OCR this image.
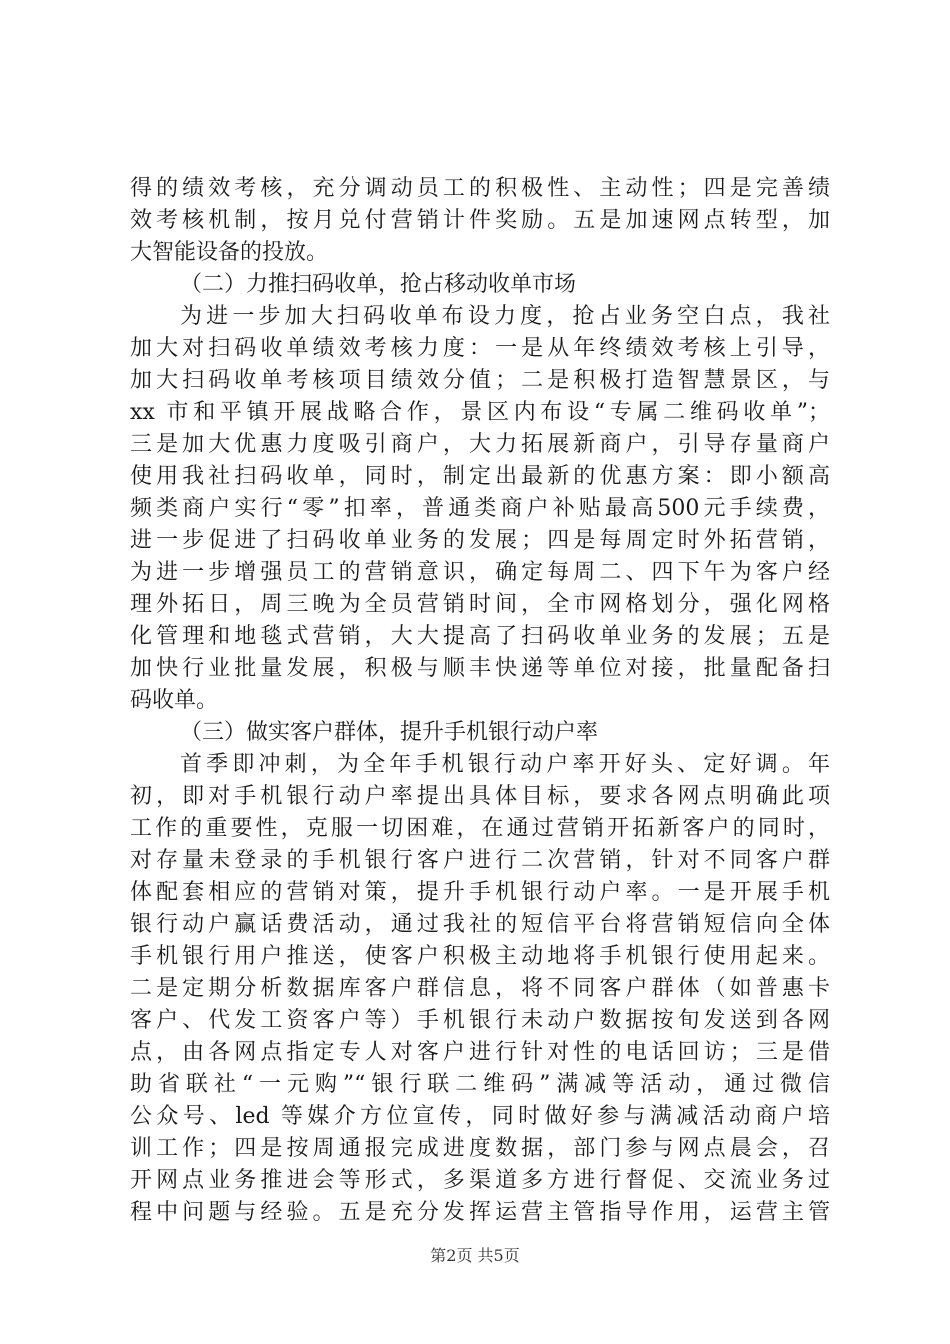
得的绩效考核，充分调动员工的积极性、主动性；四是完善绩
效考核机制，按月兑付营销计件奖励。五是加速网点转型，加
大智能设备的投放。
（二）力推扫码收单，抢占移动收单市场
为进一步加大扫码收单布设力度，抢占业务空白点，我社
加大对扫码收单绩效考核力度：一是从年终绩效考核上引导，
加大扫码收单考核项目绩效分值；二是积极打造智慧景区，与
xx 市和平镇开展战略合作，景区内布设“专属二维码收单”；
三是加大优惠力度吸引商户，大力拓展新商户，引导存量商户
使用我社扫码收单，同时，制定出最新的优惠方案：即小额高
频类商户实行“零”扣率，普通类商户补贴最高500元手续费，
进一步促进了扫码收单业务的发展；四是每周定时外拓营销，
为进一步增强员工的营销意识，确定每周二、四下午为客户经
理外拓日，周三晚为全员营销时间，全市网格划分，强化网格
化管理和地毯式营销，大大提高了扫码收单业务的发展；五是
加快行业批量发展，积极与顺丰快递等单位对接，批量配备扫
码收单。
（三）做实客户群体，提升手机银行动户率
首季即冲刺，为全年手机银行动户率开好头、定好调。年
初，即对手机银行动户率提出具体目标，要求各网点明确此项
工作的重要性，克服一切困难，在通过营销开拓新客户的同时，
对存量未登录的手机银行客户进行二次营销，针对不同客户群
体配套相应的营销对策，提升手机银行动户率。一是开展手机
银行动户赢话费活动，通过我社的短信平台将营销短信向全体
手机银行用户推送，使客户积极主动地将手机银行使用起来。
二是定期分析数据库客户群信息，将不同客户群体（如普惠卡
客户、代发工资客户等）手机银行未动户数据按旬发送到各网
点，由各网点指定专人对客户进行针对性的电话回访；三是借
助省联社“一元购”“银行联二维码”满减等活动，通过微信
公众号、led 等媒介方位宣传，同时做好参与满减活动商户培
训工作；四是按周通报完成进度数据，部门参与网点晨会，召
开网点业务推进会等形式，多渠道多方进行督促、交流业务过
程中问题与经验。五是充分发挥运营主管指导作用，运营主管
第2页 共5页
